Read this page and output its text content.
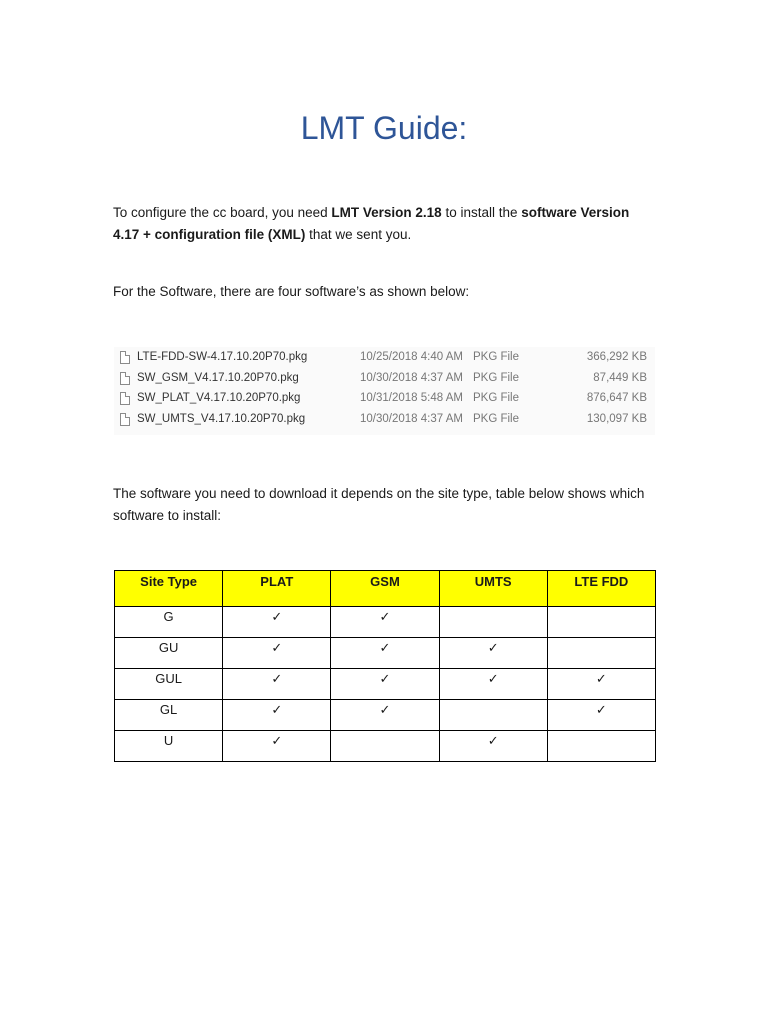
LMT Guide:
To configure the cc board, you need LMT Version 2.18 to install the software Version 4.17 + configuration file (XML) that we sent you.
For the Software, there are four software’s as shown below:
LTE-FDD-SW-4.17.10.20P70.pkg	10/25/2018 4:40 AM PKG File	366,292 KB
SW_GSM_V4.17.10.20P70.pkg	10/30/2018 4:37 AM PKG File	87,449 KB
SW_PLAT_V4.17.10.20P70.pkg	10/31/2018 5:48 AM PKG File	876,647 KB
SW_UMTS_V4.17.10.20P70.pkg	10/30/2018 4:37 AM PKG File	130,097 KB
The software you need to download it depends on the site type, table below shows which software to install:
Site Type	PLAT	GSM	UMTS	LTE FDD
G	✓	✓		
GU	✓	✓	✓	
GUL	✓	✓	✓	✓
GL	✓	✓		✓
U	✓		✓	
